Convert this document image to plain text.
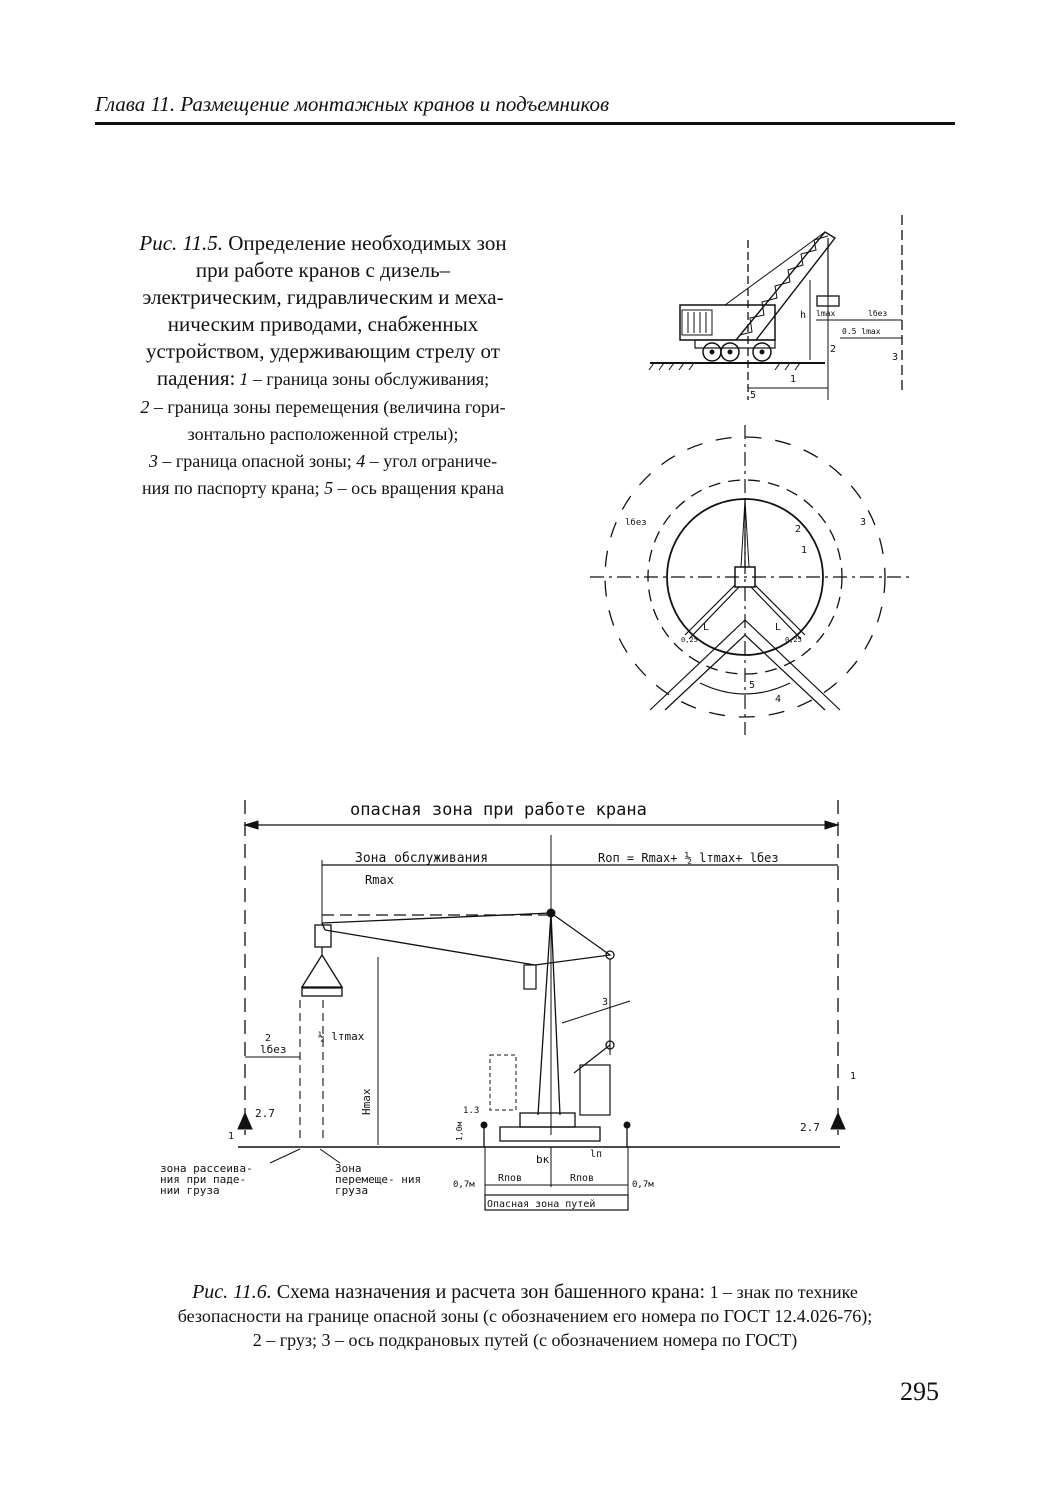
Глава 11. Размещение монтажных кранов и подъемников
Рис. 11.5. Определение необходимых зон
при работе кранов с дизель–
электрическим, гидравлическим и меха-
ническим приводами, снабженных
устройством, удерживающим стрелу от
падения: 1 – граница зоны обслуживания;
2 – граница зоны перемещения (величина гори-
зонтально расположенной стрелы);
3 – граница опасной зоны; 4 – угол ограниче-
ния по паспорту крана; 5 – ось вращения крана
h lmax	lбез
0.5 lmax
2
3
1
5
L	L
0,25	0,25
lбез
2
1
3
4
5
опасная зона при работе крана
Зона обслуживания	Rоп = Rmax+ ½ lтmax+ lбез
Rmax
Hmax
2
lбез
½ lтmax
3
1.3
1,0м
2.7
2.7
1
1
0,7м	0,7м
Rпов	Rпов
bк	lп
Опасная зона путей
зона рассеива- ния при паде- нии груза
Зона перемеще- ния груза
Рис. 11.6. Схема назначения и расчета зон башенного крана: 1 – знак по технике
безопасности на границе опасной зоны (с обозначением его номера по ГОСТ 12.4.026-76);
2 – груз; 3 – ось подкрановых путей (с обозначением номера по ГОСТ)
295
